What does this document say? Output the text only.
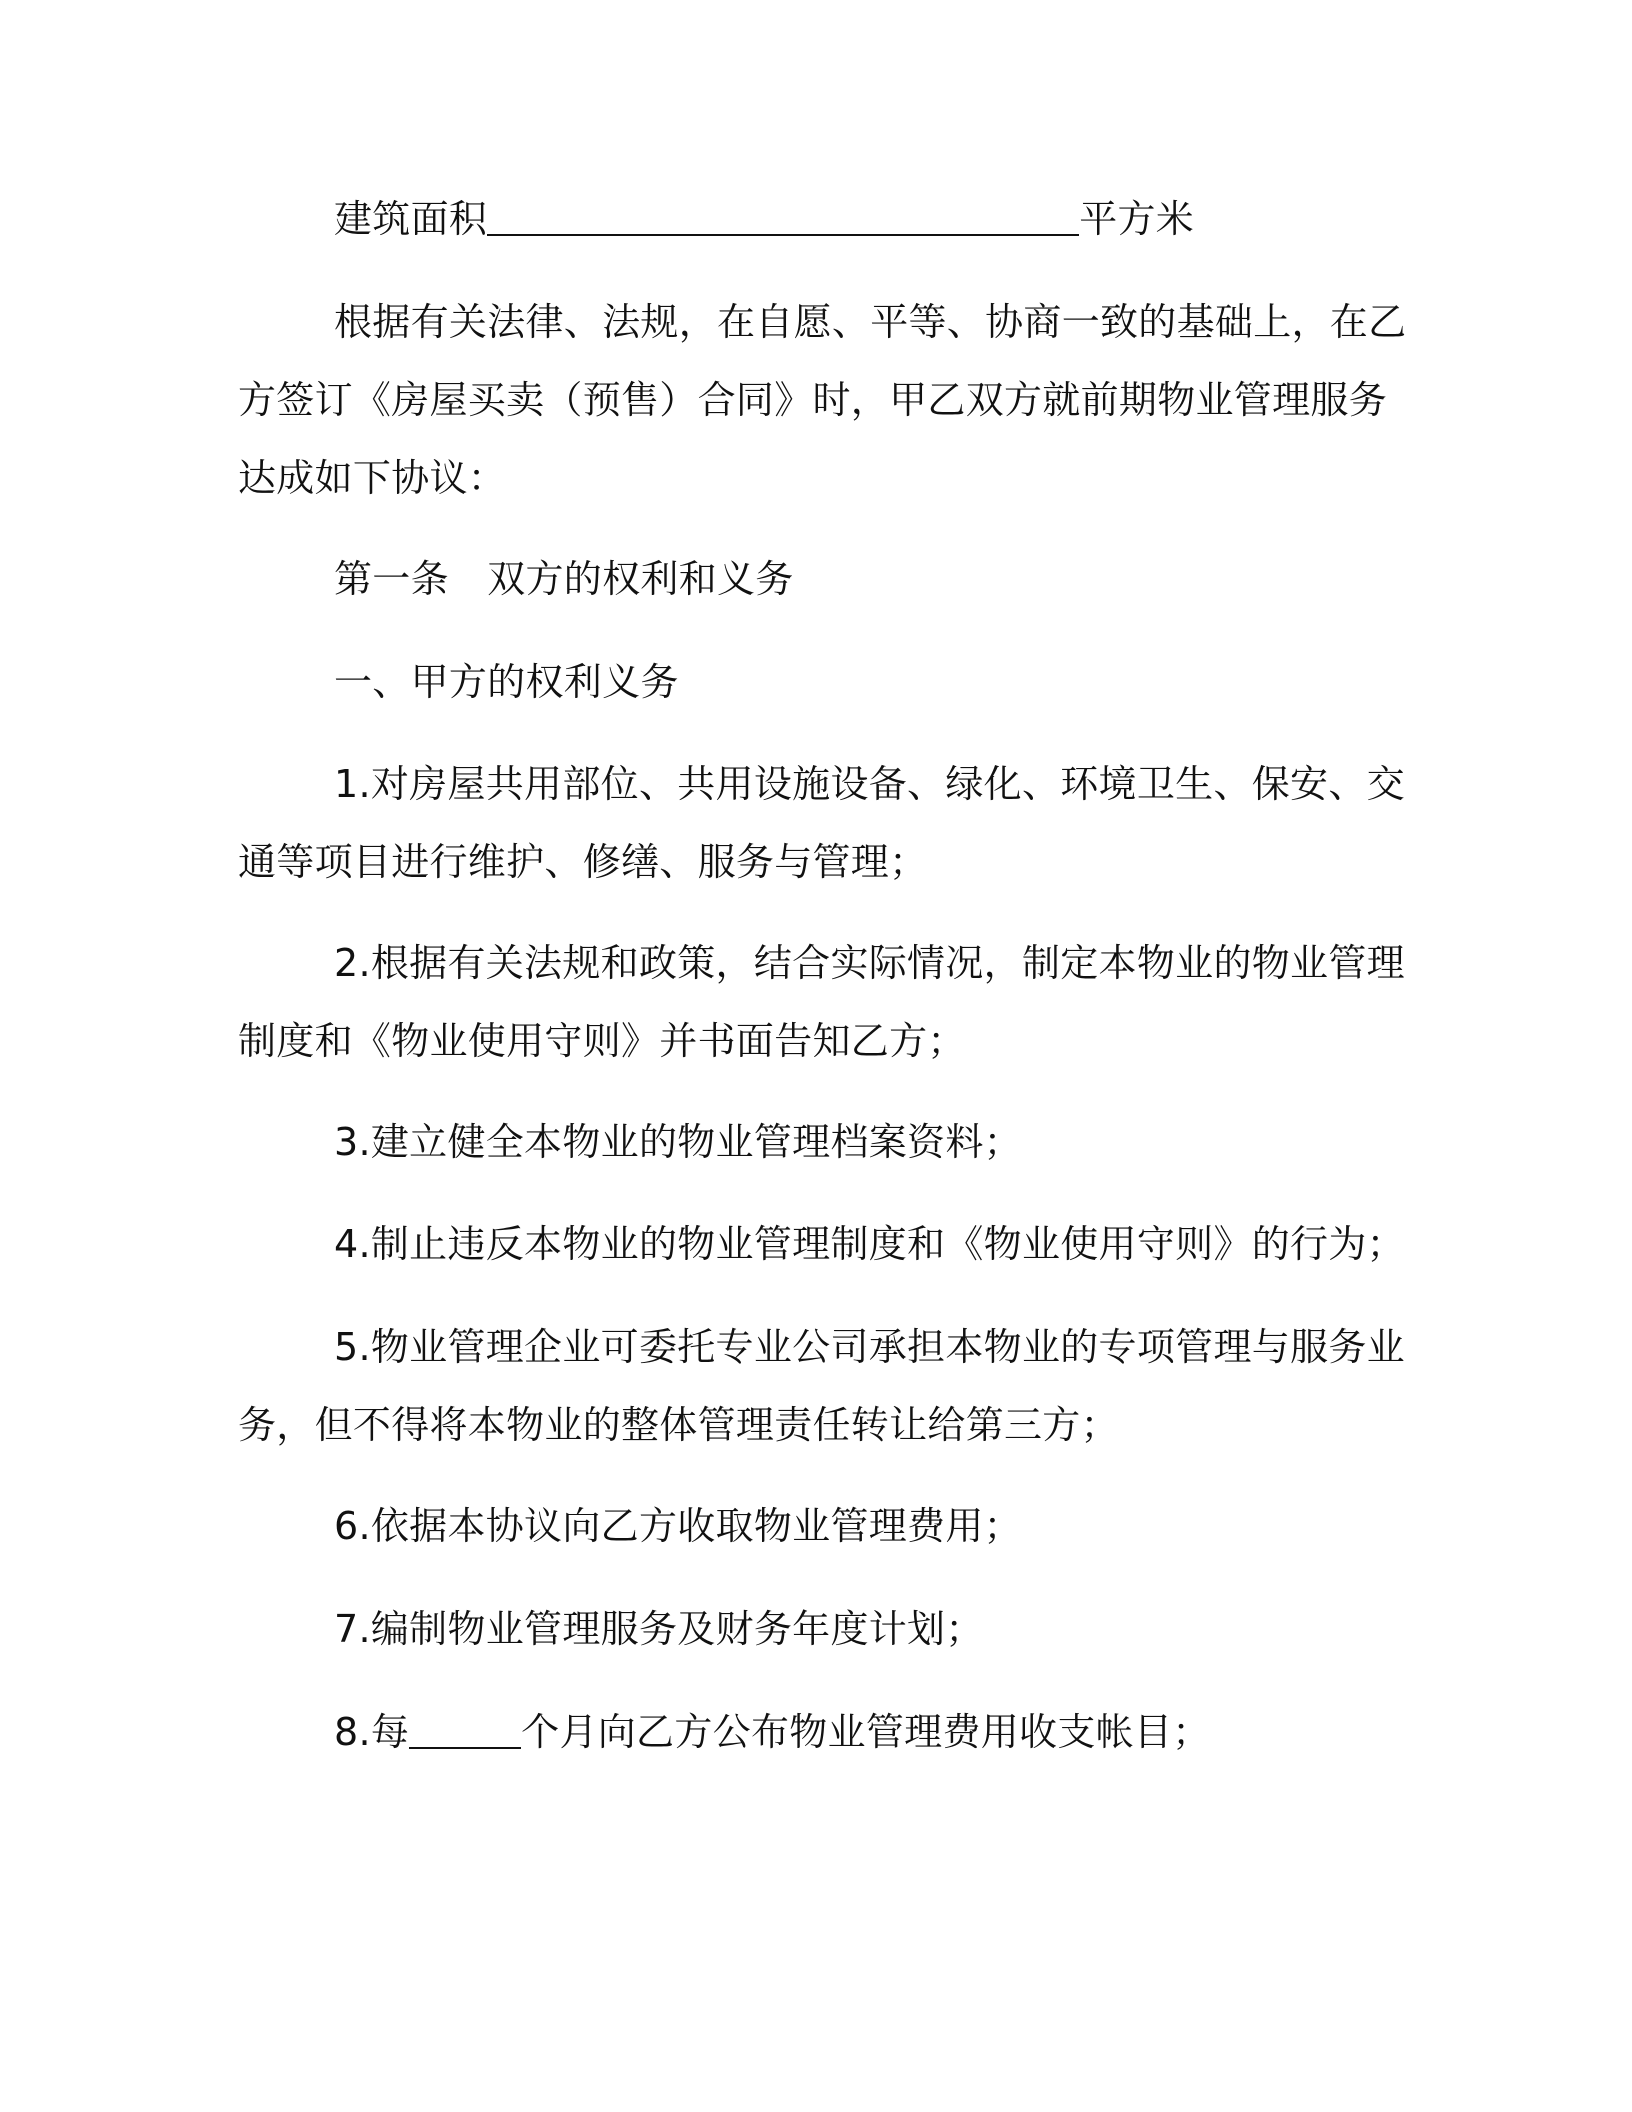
建筑面积	平方米
根据有关法律、法规，在自愿、平等、协商一致的基础上，在乙
方签订《房屋买卖（预售）合同》时，甲乙双方就前期物业管理服务
达成如下协议：
第一条　双方的权利和义务
一、甲方的权利义务
1.对房屋共用部位、共用设施设备、绿化、环境卫生、保安、交
通等项目进行维护、修缮、服务与管理；
2.根据有关法规和政策，结合实际情况，制定本物业的物业管理
制度和《物业使用守则》并书面告知乙方；
3.建立健全本物业的物业管理档案资料；
4.制止违反本物业的物业管理制度和《物业使用守则》的行为；
5.物业管理企业可委托专业公司承担本物业的专项管理与服务业
务，但不得将本物业的整体管理责任转让给第三方；
6.依据本协议向乙方收取物业管理费用；
7.编制物业管理服务及财务年度计划；
8.每	个月向乙方公布物业管理费用收支帐目；
